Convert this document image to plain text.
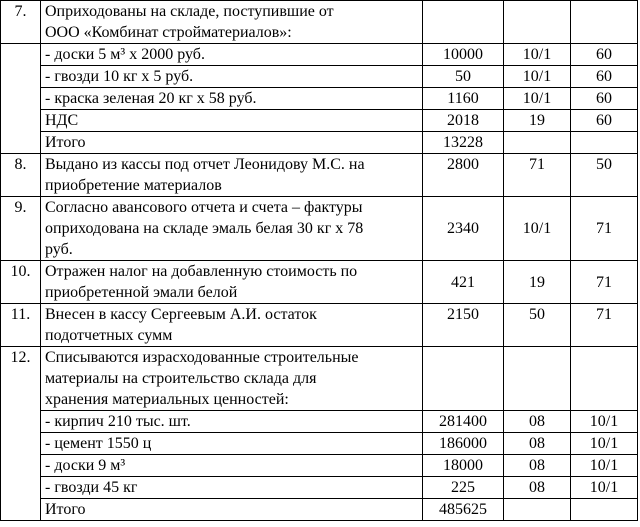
7.	Оприходованы на складе, поступившие от
ООО «Комбинат стройматериалов»:			

	- доски 5 м³ х 2000 руб.	10000	10/1	60
	- гвозди 10 кг х 5 руб.	50	10/1	60
	- краска зеленая 20 кг х 58 руб.	1160	10/1	60
	НДС	2018	19	60
	Итого	13228		
8.	Выдано из кассы под отчет Леонидову М.С. на
приобретение материалов	2800	71	50
9.	Согласно авансового отчета и счета – фактуры
оприходована на складе эмаль белая 30 кг х 78
руб.	2340	10/1	71
10.	Отражен налог на добавленную стоимость по
приобретенной эмали белой	421	19	71
11.	Внесен в кассу Сергеевым А.И. остаток
подотчетных сумм	2150	50	71
12.	Списываются израсходованные строительные
материалы на строительство склада для
хранения материальных ценностей:			

	- кирпич 210 тыс. шт.	281400	08	10/1
	- цемент 1550 ц	186000	08	10/1
	- доски 9 м³	18000	08	10/1
	- гвозди 45 кг	225	08	10/1
	Итого	485625		
